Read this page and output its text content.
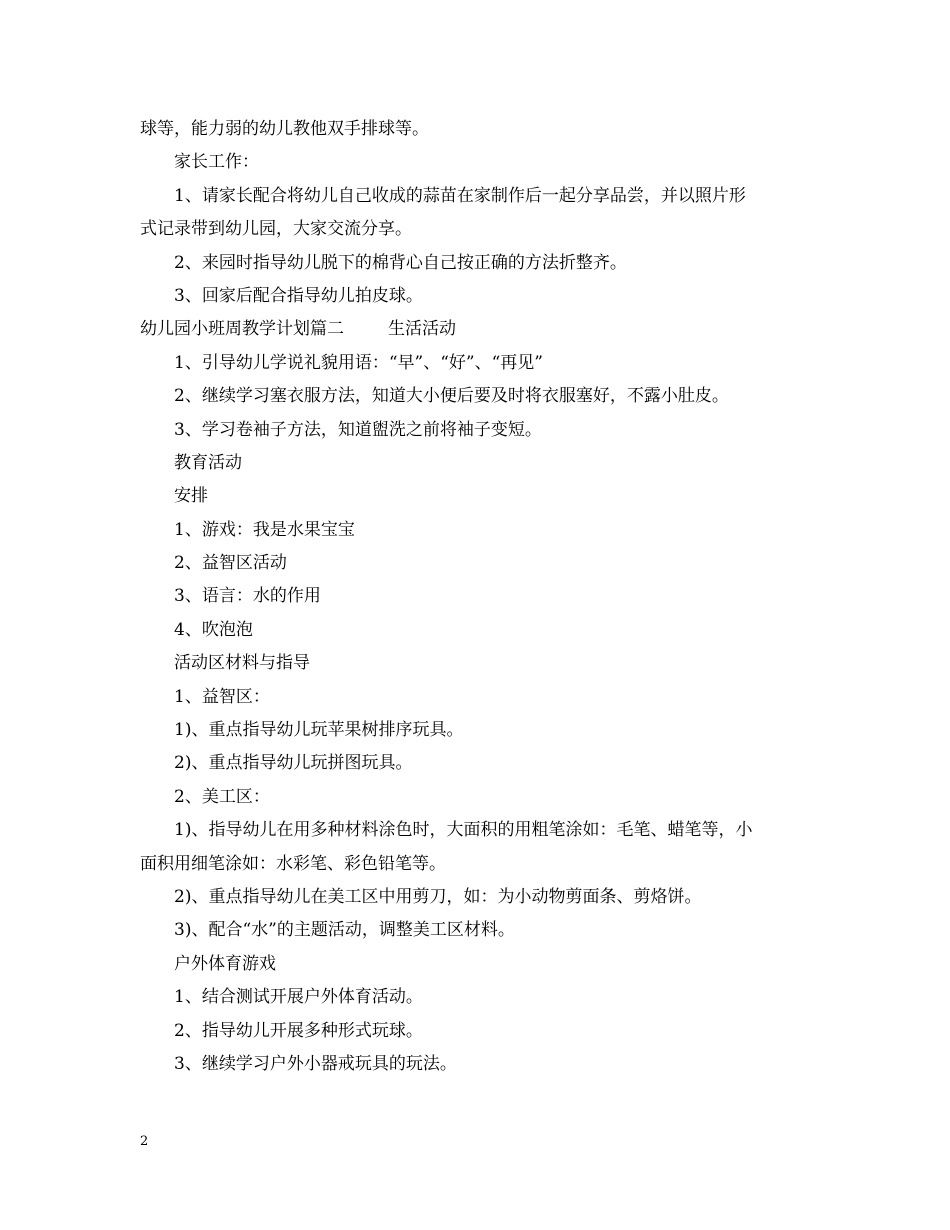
球等，能力弱的幼儿教他双手排球等。
家长工作：
1、请家长配合将幼儿自己收成的蒜苗在家制作后一起分享品尝，并以照片形
式记录带到幼儿园，大家交流分享。
2、来园时指导幼儿脱下的棉背心自己按正确的方法折整齐。
3、回家后配合指导幼儿拍皮球。
幼儿园小班周教学计划篇二	生活活动
1、引导幼儿学说礼貌用语：“早”、“好”、“再见”
2、继续学习塞衣服方法，知道大小便后要及时将衣服塞好，不露小肚皮。
3、学习卷袖子方法，知道盥洗之前将袖子变短。
教育活动
安排
1、游戏：我是水果宝宝
2、益智区活动
3、语言：水的作用
4、吹泡泡
活动区材料与指导
1、益智区：
1)、重点指导幼儿玩苹果树排序玩具。
2)、重点指导幼儿玩拼图玩具。
2、美工区：
1)、指导幼儿在用多种材料涂色时，大面积的用粗笔涂如：毛笔、蜡笔等，小
面积用细笔涂如：水彩笔、彩色铅笔等。
2)、重点指导幼儿在美工区中用剪刀，如：为小动物剪面条、剪烙饼。
3)、配合“水”的主题活动，调整美工区材料。
户外体育游戏
1、结合测试开展户外体育活动。
2、指导幼儿开展多种形式玩球。
3、继续学习户外小器戒玩具的玩法。
2
